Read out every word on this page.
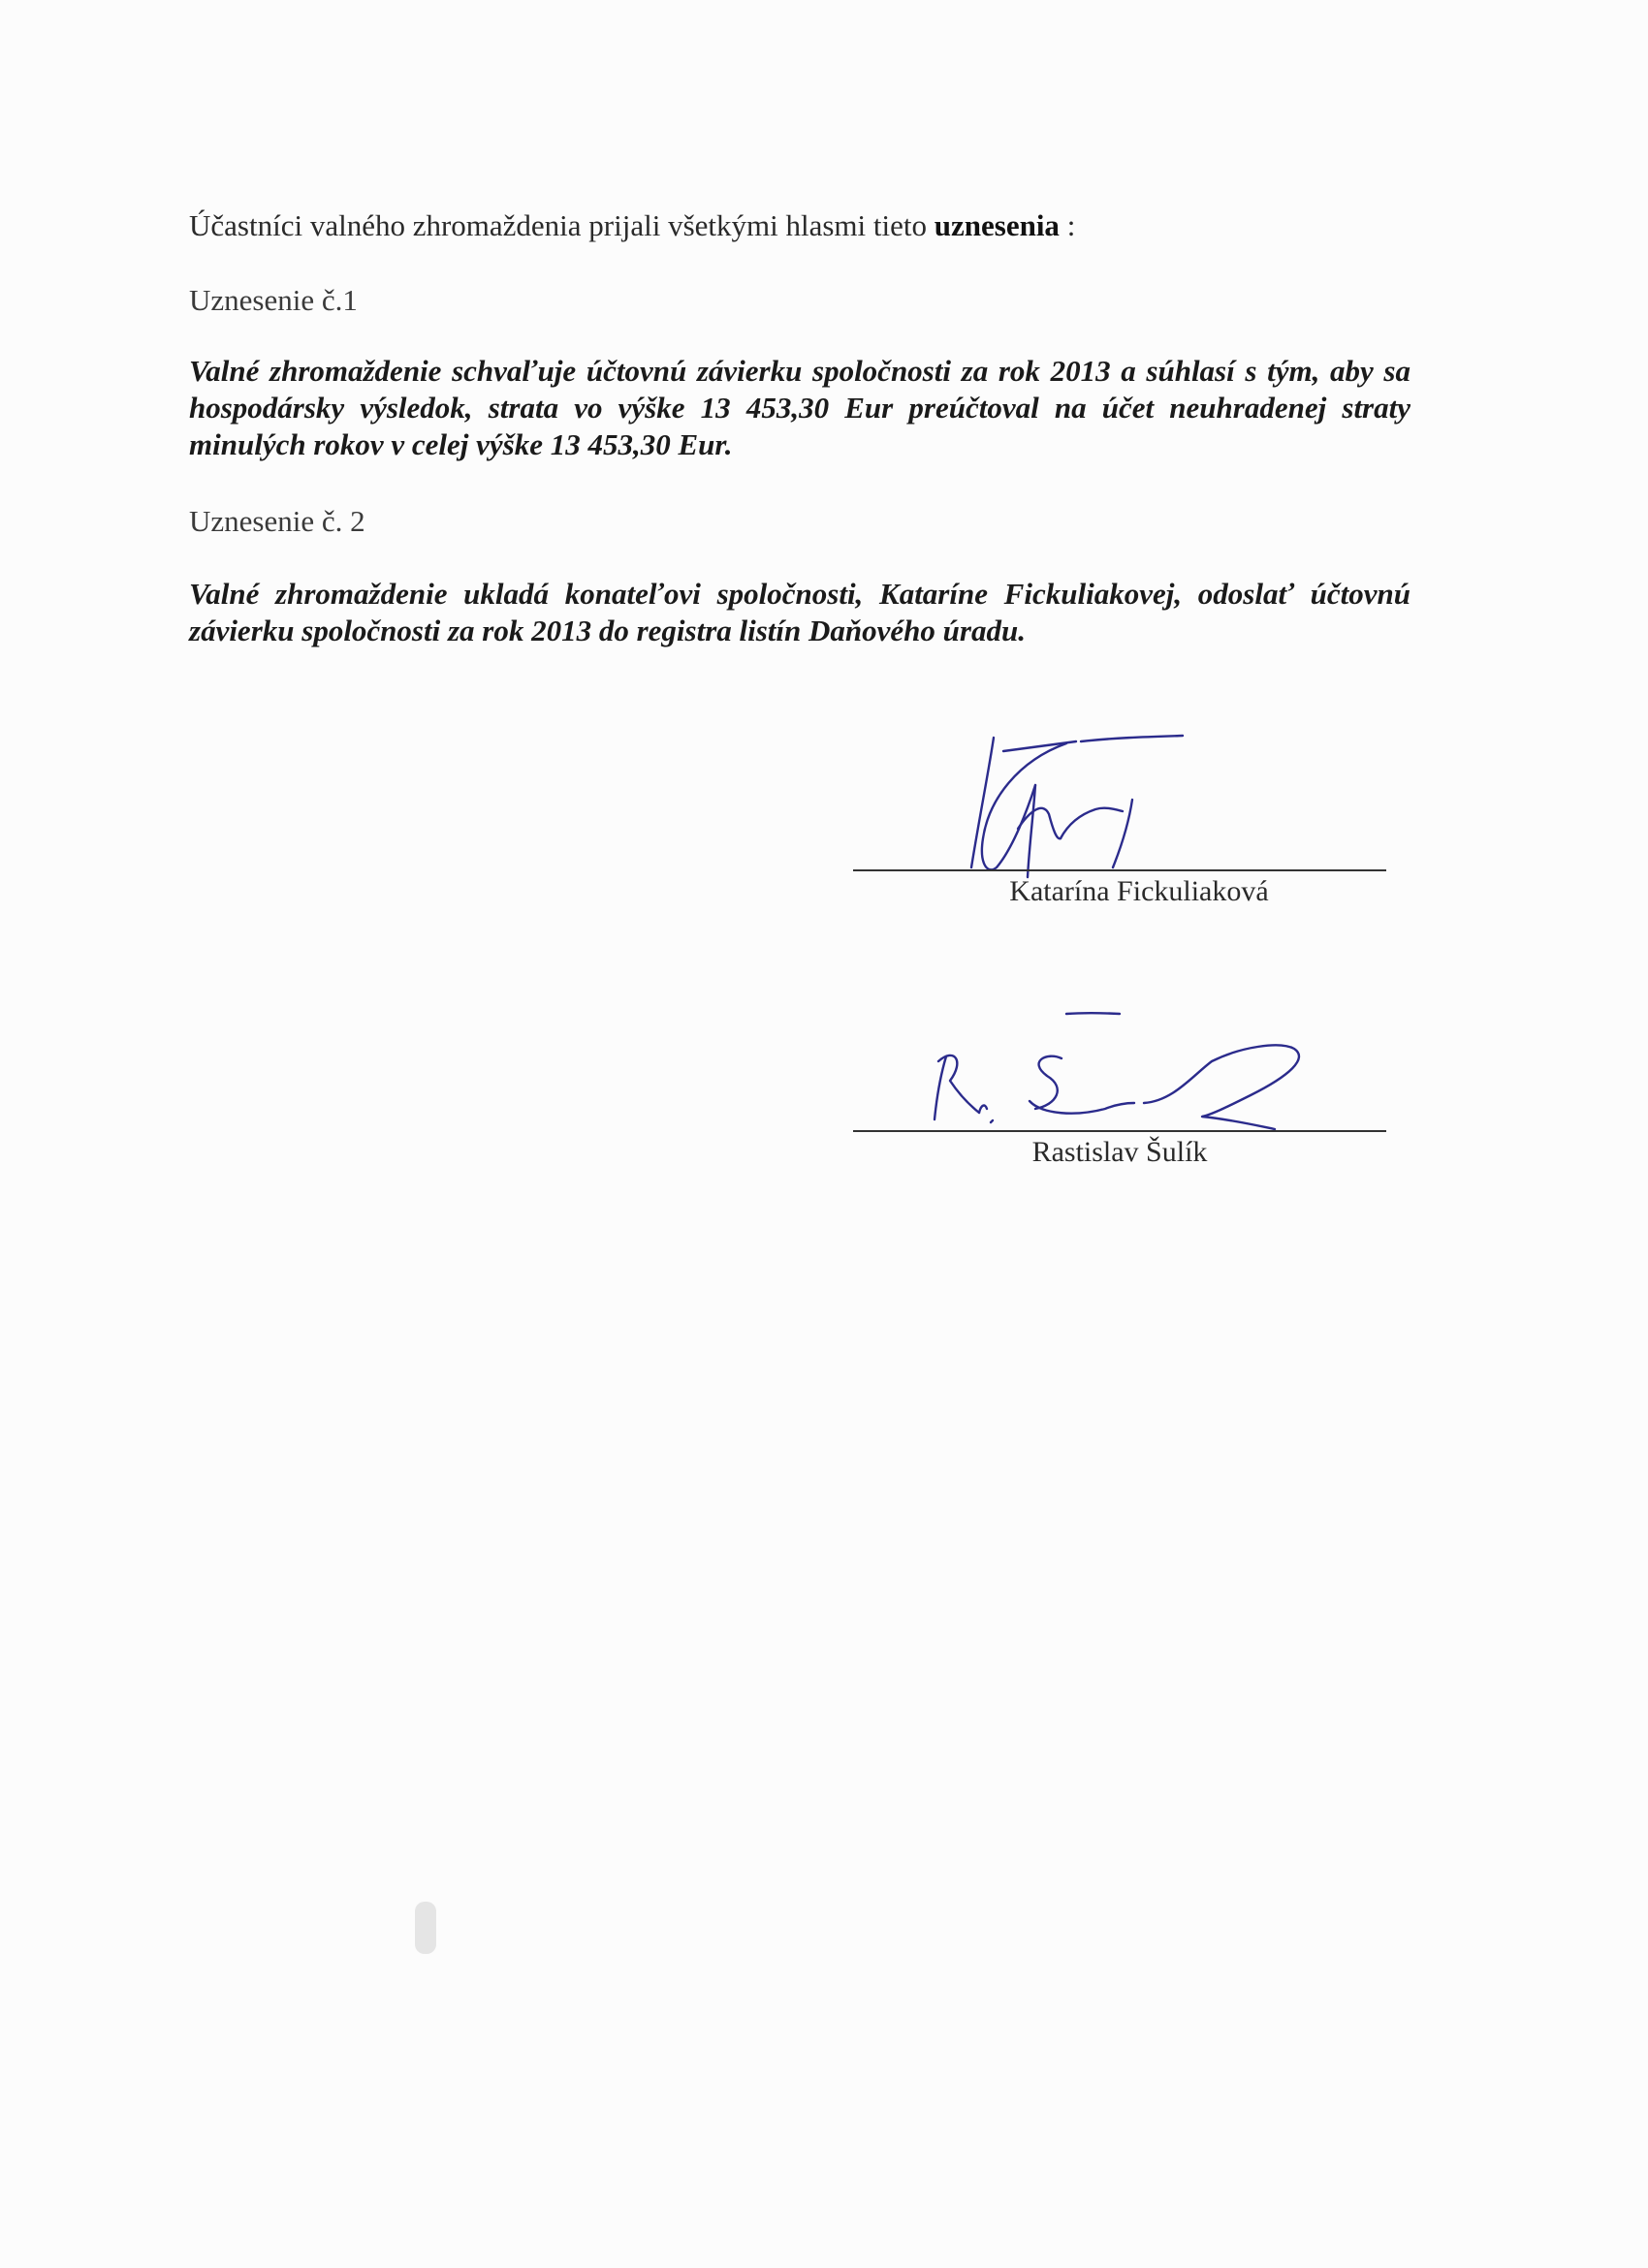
Účastníci valného zhromaždenia prijali všetkými hlasmi tieto uznesenia :
Uznesenie č.1
Valné zhromaždenie schvaľuje účtovnú závierku spoločnosti za rok 2013 a súhlasí s tým, aby sa hospodársky výsledok, strata vo výške 13 453,30 Eur preúčtoval na účet neuhradenej straty minulých rokov v celej výške 13 453,30 Eur.
Uznesenie č. 2
Valné zhromaždenie ukladá konateľovi spoločnosti, Kataríne Fickuliakovej, odoslať účtovnú závierku spoločnosti za rok 2013 do registra listín Daňového úradu.
Katarína Fickuliaková
Rastislav Šulík
